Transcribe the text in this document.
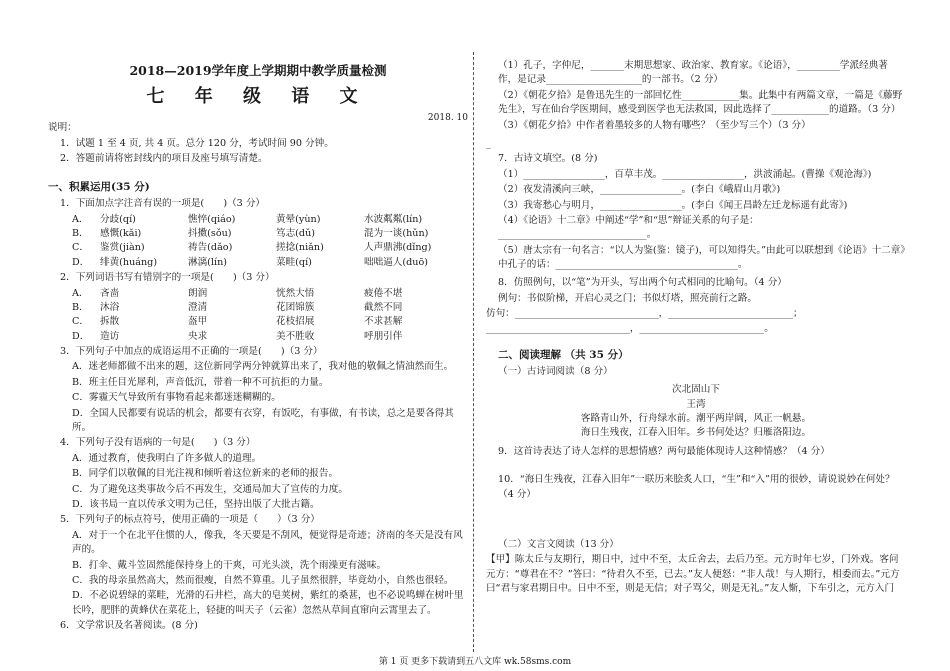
2018—2019学年度上学期期中教学质量检测
七 年 级 语 文
2018. 10
说明：
1．试题 1 至 4 页, 共 4 页。总分 120 分，考试时间 90 分钟。
2．答题前请将密封线内的项目及座号填写清楚。
一、积累运用(35 分)
1．下面加点字注音有误的一项是(　　)（3 分）
A．	分歧(qí)	憔悴(qiáo)	黄晕(yùn)	水波粼粼(lín)
B．	感慨(kǎi)	抖擞(sǒu)	笃志(dǔ)	混为一谈(hǔn)
C．	鉴赏(jiàn)	祷告(dǎo)	搓捻(niǎn)	人声鼎沸(dǐng)
D．	绯黄(huáng)	淋漓(lín)	菜畦(qí)	咄咄逼人(duō)
2．下列词语书写有错别字的一项是(　　)（3 分）
A．	吝啬	朗润	恍然大悟	疲倦不堪
B．	沐浴	澄清	花团锦簇	截然不同
C．	拆散	盔甲	花枝招展	不求甚解
D．	造访	央求	美不胜收	呼朋引伴
3．下列句子中加点的成语运用不正确的一项是(　　)（3 分）
A．迷老师都做不出来的题，这位新同学两分钟就算出来了，我对他的敬佩之情油然而生。
B．班主任目光犀利，声音低沉，带着一种不可抗拒的力量。
C．雾霾天气导致所有事物看起来都迷迷糊糊的。
D．全国人民都要有说话的机会，都要有衣穿，有饭吃，有事做，有书读，总之是要各得其所。
4．下列句子没有语病的一句是(　　)（3 分）
A．通过教育，使我明白了许多做人的道理。
B．同学们以敬佩的目光注视和倾听着这位新来的老师的报告。
C．为了避免这类事故今后不再发生，交通局加大了宣传的力度。
D．该书局一直以传承文明为己任，坚持出版了大批古籍。
5．下列句子的标点符号，使用正确的一项是（　　）（3 分）
A．对于一个在北平住惯的人，像我，冬天要是不刮风，便觉得是奇迹；济南的冬天是没有风声的。
B．打伞、戴斗笠固然能保持身上的干爽，可光头淡，洗个雨澡更有滋味。
C．我的母亲虽然高大，然而很瘦，自然不算重。儿子虽然很胖，毕竟幼小，自然也很轻。
D．不必说碧绿的菜畦，光滑的石井栏，高大的皂荚树，紫红的桑葚，也不必说鸣蝉在树叶里长吟，肥胖的黄蜂伏在菜花上，轻捷的叫天子（云雀）忽然从草间直窜向云霄里去了。
6．文学常识及名著阅读。(8 分)
（1）孔子，字仲尼，_______末期思想家、政治家、教育家。《论语》，_________学派经典著作，是记录____________________的一部书。（2 分）
（2）《朝花夕拾》是鲁迅先生的一部回忆性____________集。此集中有两篇文章，一篇是《藤野先生》，写在仙台学医期间，感受到医学也无法救国，因此选择了____________的道路。（3 分）
（3）《朝花夕拾》中作者着墨较多的人物有哪些？（至少写三个）（3 分）
_
7．古诗文填空。(8 分)
（1）_________________，百草丰茂。_________________，洪波涌起。(曹操《观沧海》)
（2）夜发清溪向三峡，_________________。(李白《峨眉山月歌》)
（3）我寄愁心与明月，_________________。(李白《闻王昌龄左迁龙标遥有此寄》)
（4）《论语》十二章》中阐述“学”和“思”辩证关系的句子是：_______________________________。
（5）唐太宗有一句名言：“以人为鉴(鉴：镜子)，可以知得失。”由此可以联想到《论语》十二章》中孔子的话：______________________________________。
8．仿照例句，以“笔”为开头，写出两个句式相同的比喻句。（4 分）
例句：书似阶梯，开启心灵之门；书似灯塔，照亮前行之路。
仿句：______________________________，__________________________；______________________________，__________________________。
二、阅读理解 （共 35 分）
（一）古诗词阅读（8 分）
次北固山下
王湾
客路青山外，行舟绿水前。潮平两岸阔，风正一帆悬。
海日生残夜，江春入旧年。乡书何处达？归雁洛阳边。
9．这首诗表达了诗人怎样的思想情感？两句最能体现诗人这种情感？（4 分）
10．“海日生残夜，江春入旧年”一联历来脍炙人口，“生”和“入”用的很妙，请说说妙在何处？（4 分）
（二）文言文阅读（13 分）
【甲】陈太丘与友期行，期日中，过中不至，太丘舍去，去后乃至。元方时年七岁，门外戏。客问元方：“尊君在不？”答曰：“待君久不至，已去。”友人便怒：“非人哉！与人期行，相委而去。”元方曰“君与家君期日中。日中不至，则是无信；对子骂父，则是无礼。”友人惭，下车引之，元方入门
第 1 页 更多下载请到五八文库 wk.58sms.com
